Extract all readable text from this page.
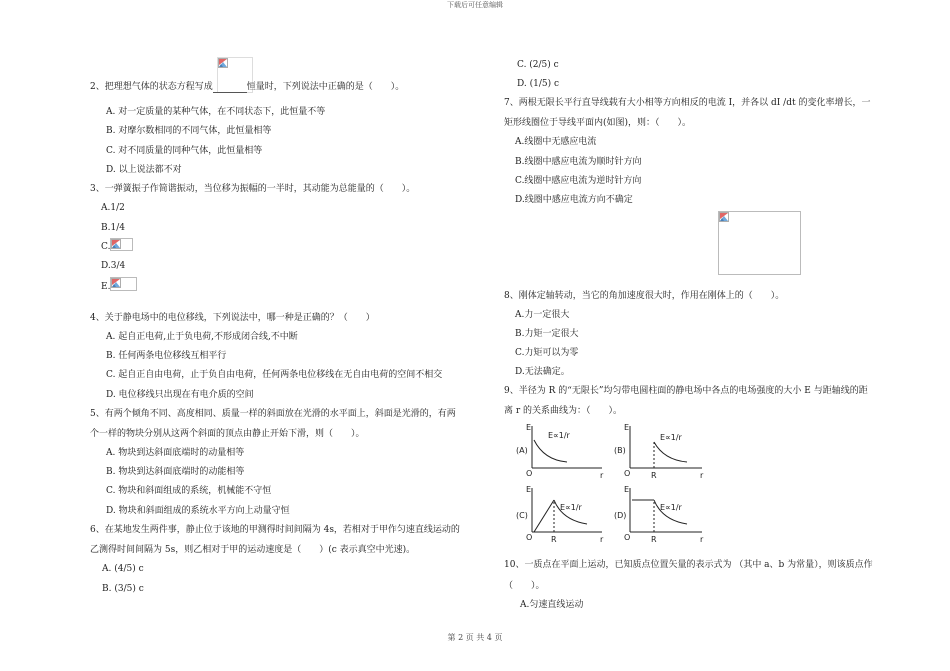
下载后可任意编辑
2、把理想气体的状态方程写成	恒量时，下列说法中正确的是（　　）。
A. 对一定质量的某种气体，在不同状态下，此恒量不等
B. 对摩尔数相同的不同气体，此恒量相等
C. 对不同质量的同种气体，此恒量相等
D. 以上说法都不对
3、一弹簧振子作简谐振动，当位移为振幅的一半时，其动能为总能量的（　　）。
A.1/2
B.1/4
C.
D.3/4
E.
4、关于静电场中的电位移线，下列说法中，哪一种是正确的？（　　）
A. 起自正电荷,止于负电荷,不形成闭合线,不中断
B. 任何两条电位移线互相平行
C. 起自正自由电荷，止于负自由电荷，任何两条电位移线在无自由电荷的空间不相交
D. 电位移线只出现在有电介质的空间
5、有两个倾角不同、高度相同、质量一样的斜面放在光滑的水平面上，斜面是光滑的，有两
个一样的物块分别从这两个斜面的顶点由静止开始下滑，则（　　）。
A. 物块到达斜面底端时的动量相等
B. 物块到达斜面底端时的动能相等
C. 物块和斜面组成的系统，机械能不守恒
D. 物块和斜面组成的系统水平方向上动量守恒
6、在某地发生两件事，静止位于该地的甲测得时间间隔为 4s，若相对于甲作匀速直线运动的
乙测得时间间隔为 5s，则乙相对于甲的运动速度是（　　）(c 表示真空中光速)。
A. (4/5) c
B. (3/5) c
C. (2/5) c
D. (1/5) c
7、两根无限长平行直导线载有大小相等方向相反的电流 I，并各以 dI /dt 的变化率增长，一
矩形线圈位于导线平面内(如图)，则：（　　）。
A.线圈中无感应电流
B.线圈中感应电流为顺时针方向
C.线圈中感应电流为逆时针方向
D.线圈中感应电流方向不确定
8、刚体定轴转动，当它的角加速度很大时，作用在刚体上的（　　）。
A.力一定很大
B.力矩一定很大
C.力矩可以为零
D.无法确定。
9、半径为 R 的“无限长”均匀带电圆柱面的静电场中各点的电场强度的大小 E 与距轴线的距
离 r 的关系曲线为：（　　）。
(A)
E
O	r
E∝1/r
(B)
E
O	r
R
E∝1/r
(C)
E
O	r
R
E∝1/r
(D)
E
O	r
R
E∝1/r
10、一质点在平面上运动，已知质点位置矢量的表示式为 （其中 a、b 为常量），则该质点作
（　　）。
A.匀速直线运动
第 2 页 共 4 页
